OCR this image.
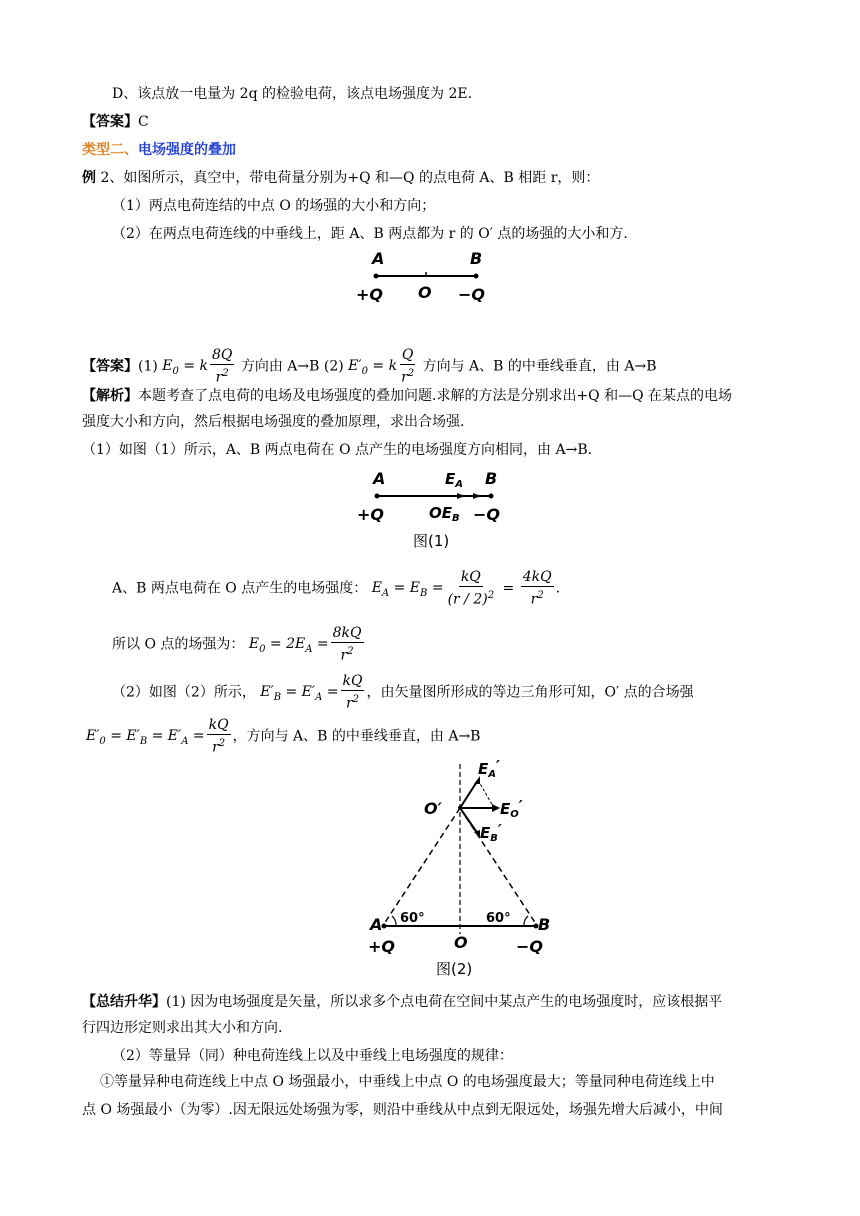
D、该点放一电量为 2q 的检验电荷，该点电场强度为 2E.
【答案】C
类型二、电场强度的叠加
例 2、如图所示，真空中，带电荷量分别为+Q 和—Q 的点电荷 A、B 相距 r，则：
（1）两点电荷连结的中点 O 的场强的大小和方向；
（2）在两点电荷连线的中垂线上，距 A、B 两点都为 r 的 O′ 点的场强的大小和方.
A	B
+Q O −Q
【答案】(1) $E_0 = k \frac{8Q}{r^2}$ 方向由 A→B (2) $E'_0 = k \frac{Q}{r^2}$ 方向与 A、B 的中垂线垂直，由 A→B
【解析】本题考查了点电荷的电场及电场强度的叠加问题.求解的方法是分别求出+Q 和—Q 在某点的电场
强度大小和方向，然后根据电场强度的叠加原理，求出合场强.
（1）如图（1）所示，A、B 两点电荷在 O 点产生的电场强度方向相同，由 A→B.
A	$E_A$ B
+Q	$OE_B -Q$
图(1)
A、B 两点电荷在 O 点产生的电场强度： $E_A = E_B = \frac{kQ}{(r / 2)^2} = \frac{4kQ}{r^2}$ .
所以 O 点的场强为： $E_0 = 2E_A = \frac{8kQ}{r^2}$
（2）如图（2）所示， $E'_B = E'_A = \frac{kQ}{r^2}$ ，由矢量图所形成的等边三角形可知，O′ 点的合场强
$E'_0 = E'_B = E'_A = \frac{kQ}{r^2}$ ，方向与 A、B 的中垂线垂直，由 A→B
$E_A'$
O′	$E_O'$
$E_B'$
A 60°	60° B
+Q	O	−Q
图(2)
【总结升华】(1) 因为电场强度是矢量，所以求多个点电荷在空间中某点产生的电场强度时，应该根据平
行四边形定则求出其大小和方向.
（2）等量异（同）种电荷连线上以及中垂线上电场强度的规律：
①等量异种电荷连线上中点 O 场强最小，中垂线上中点 O 的电场强度最大；等量同种电荷连线上中
点 O 场强最小（为零）.因无限远处场强为零，则沿中垂线从中点到无限远处，场强先增大后减小，中间
